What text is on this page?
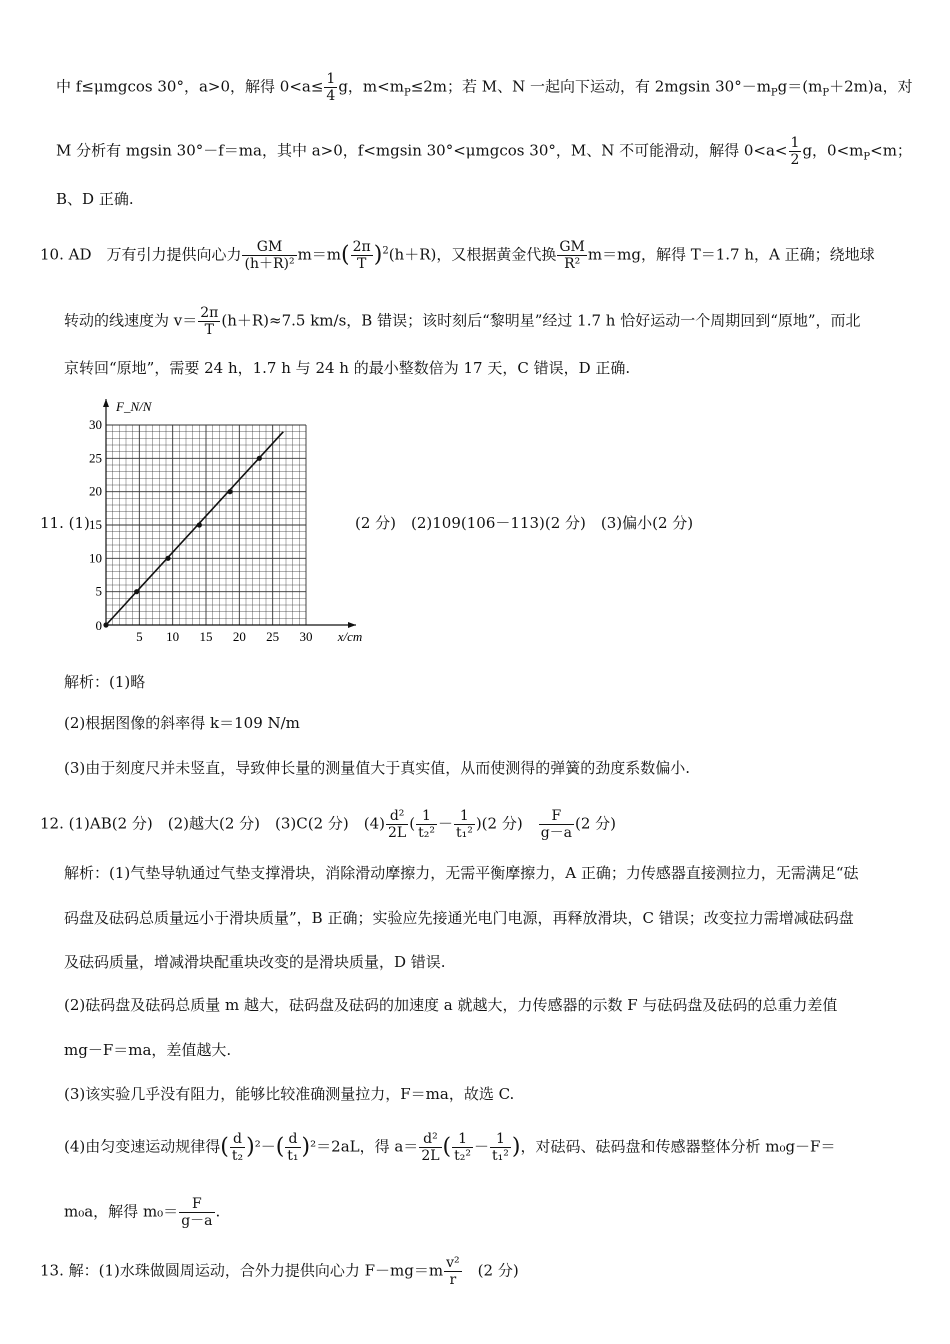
中 f≤μmgcos 30°，a>0，解得 $0<a\le \frac{1}{4}$ g，$m<m_P\le 2m$；若 M、N 一起向下运动，有 2mgsin $30^\circ-m_Pg=(m_P+2m)a$，对
M 分析有 mgsin 30°－f＝ma，其中 a>0，f<mgsin 30°<μmgcos 30°，M、N 不可能滑动，解得 $0<a< \frac{1}{2}$ g，$0<m_P<m$；
B、D 正确.
10. AD　万有引力提供向心力 $\frac{GM}{\text{(h＋R)²}} m=m( \frac{2\pi}{T} )^2(h+R)$，又根据黄金代换 $\frac{GM}{\text{R²}} m=mg$，解得 T＝1.7 h，A 正确；绕地球
转动的线速度为 $v= \frac{2\pi}{T} (h+R)\approx 7.5$ km/s，B 错误；该时刻后“黎明星”经过 1.7 h 恰好运动一个周期回到“原地”，而北
京转回“原地”，需要 24 h，1.7 h 与 24 h 的最小整数倍为 17 天，C 错误，D 正确.
11. (1)
5 10 15 20 25 30
5
10
15
20
25
30
0
x/cm
F_N/N
(2 分)　(2)109(106－113)(2 分)　(3)偏小(2 分)
解析：(1)略
(2)根据图像的斜率得 k＝109 N/m
(3)由于刻度尺并未竖直，导致伸长量的测量值大于真实值，从而使测得的弹簧的劲度系数偏小.
12. (1)AB(2 分)　(2)越大(2 分)　(3)C(2 分)　$(4) \frac{\text{d²}}{2L}$ ( $\frac{1}{\text{t₂²}} - \frac{1}{\text{t₁²}} )(2$ 分)　 $\frac{F}{g-a} (2$ 分)
解析：(1)气垫导轨通过气垫支撑滑块，消除滑动摩擦力，无需平衡摩擦力，A 正确；力传感器直接测拉力，无需满足“砝
码盘及砝码总质量远小于滑块质量”，B 正确；实验应先接通光电门电源，再释放滑块，C 错误；改变拉力需增减砝码盘
及砝码质量，增减滑块配重块改变的是滑块质量，D 错误.
(2)砝码盘及砝码总质量 m 越大，砝码盘及砝码的加速度 a 就越大，力传感器的示数 F 与砝码盘及砝码的总重力差值
mg－F＝ma，差值越大.
(3)该实验几乎没有阻力，能够比较准确测量拉力，F＝ma，故选 C.
(4)由匀变速运动规律得( $\frac{d}{\text{t₂}} )^2-( \frac{d}{\text{t₁}} )^2=2aL$，得 $a= \frac{\text{d²}}{2L}$ ( $\frac{1}{\text{t₂²}} - \frac{1}{\text{t₁²}}$ )，对砝码、砝码盘和传感器整体分析 m₀g－F＝
m₀a，解得 $m_0= \frac{F}{g-a}$ .
13. 解：(1)水珠做圆周运动，合外力提供向心力 $F-mg=m \frac{\text{v²}}{r}$
　 (2 分)
